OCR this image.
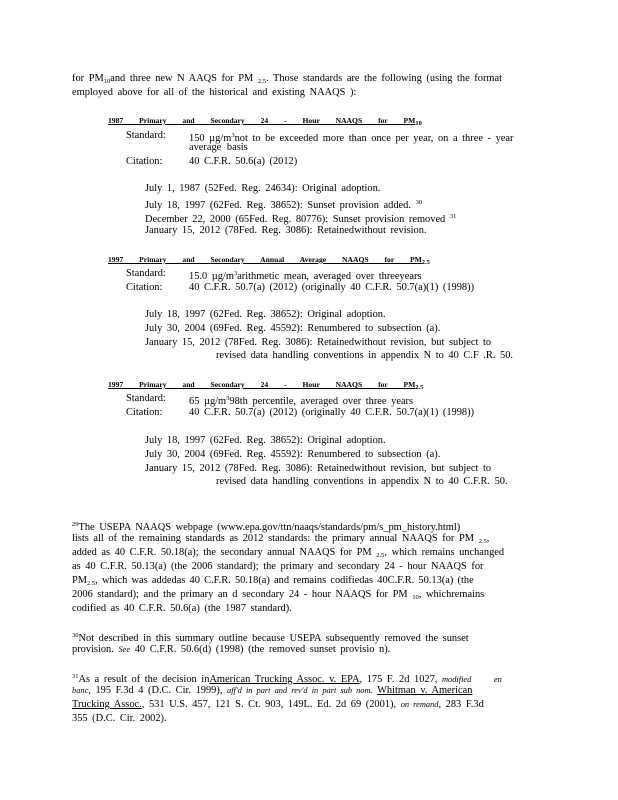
for $PM_{10}and$ three new N AAQS for PM $_{2.5}$. Those standards are the following (using the format
employed above for all of the historical and existing NAAQS ):
1987 Primary and Secondary 24 - Hour NAAQS for PM10
Standard: 150 $\mu g/m^3not$ to be exceeded more than once per year, on a three - year
average basis
Citation:	40 C.F.R. 50.6(a) (2012)
July 1, 1987 (52Fed. Reg. 24634): Original adoption.
July 18, 1997 (62Fed. Reg. 38652): Sunset provision added. $^{30}$
December 22, 2000 (65Fed. Reg. 80776): Sunset provision removed $^{31}$
January 15, 2012 (78Fed. Reg. 3086): Retainedwithout revision.
1997 Primary and Secondary Annual Average NAAQS for PM2.5
Standard: 15.0 $\mu g/m^3arithmetic$ mean, averaged over threeyears
Citation:	40 C.F.R. 50.7(a) (2012) (originally 40 C.F.R. 50.7(a)(1) (1998))
July 18, 1997 (62Fed. Reg. 38652): Original adoption.
July 30, 2004 (69Fed. Reg. 45592): Renumbered to subsection (a).
January 15, 2012 (78Fed. Reg. 3086): Retainedwithout revision, but subject to
revised data handling conventions in appendix N to 40 C.F .R. 50.
1997 Primary and Secondary 24 - Hour NAAQS for PM2.5
Standard: 65 $\mu g/m^398th$ percentile, averaged over three years
Citation:	40 C.F.R. 50.7(a) (2012) (originally 40 C.F.R. 50.7(a)(1) (1998))
July 18, 1997 (62Fed. Reg. 38652): Original adoption.
July 30, 2004 (69Fed. Reg. 45592): Renumbered to subsection (a).
January 15, 2012 (78Fed. Reg. 3086): Retainedwithout revision, but subject to
revised data handling conventions in appendix N to 40 C.F.R. 50.
$^{29}$The USEPA NAAQS webpage (www.epa.gov/ttn/naaqs/standards/pm/s_pm_history.html)
lists all of the remaining standards as 2012 standards: the primary annual NAAQS for PM $_{2.5}$,
added as 40 C.F.R. 50.18(a); the secondary annual NAAQS for PM $_{2.5}$, which remains unchanged
as 40 C.F.R. 50.13(a) (the 2006 standard); the primary and secondary 24 - hour NAAQS for
$PM_{2.5}$, which was addedas 40 C.F.R. 50.18(a) and remains codifiedas 40C.F.R. 50.13(a) (the
2006 standard); and the primary an d secondary 24 - hour NAAQS for PM $_{10}$, whichremains
codified as 40 C.F.R. 50.6(a) (the 1987 standard).
$^{30}$Not described in this summary outline because USEPA subsequently removed the sunset
provision. See 40 C.F.R. 50.6(d) (1998) (the removed sunset provisio n).
$^{31}$As a result of the decision inAmerican Trucking Assoc. v. EPA, 175 F. 2d 1027, modified	en
banc, 195 F.3d 4 (D.C. Cir. 1999), aff'd in part and rev'd in part sub nom. Whitman v. American
Trucking Assoc., 531 U.S. 457, 121 S. Ct. 903, 149L. Ed. 2d 69 (2001), on remand, 283 F.3d
355 (D.C. Cir. 2002).
